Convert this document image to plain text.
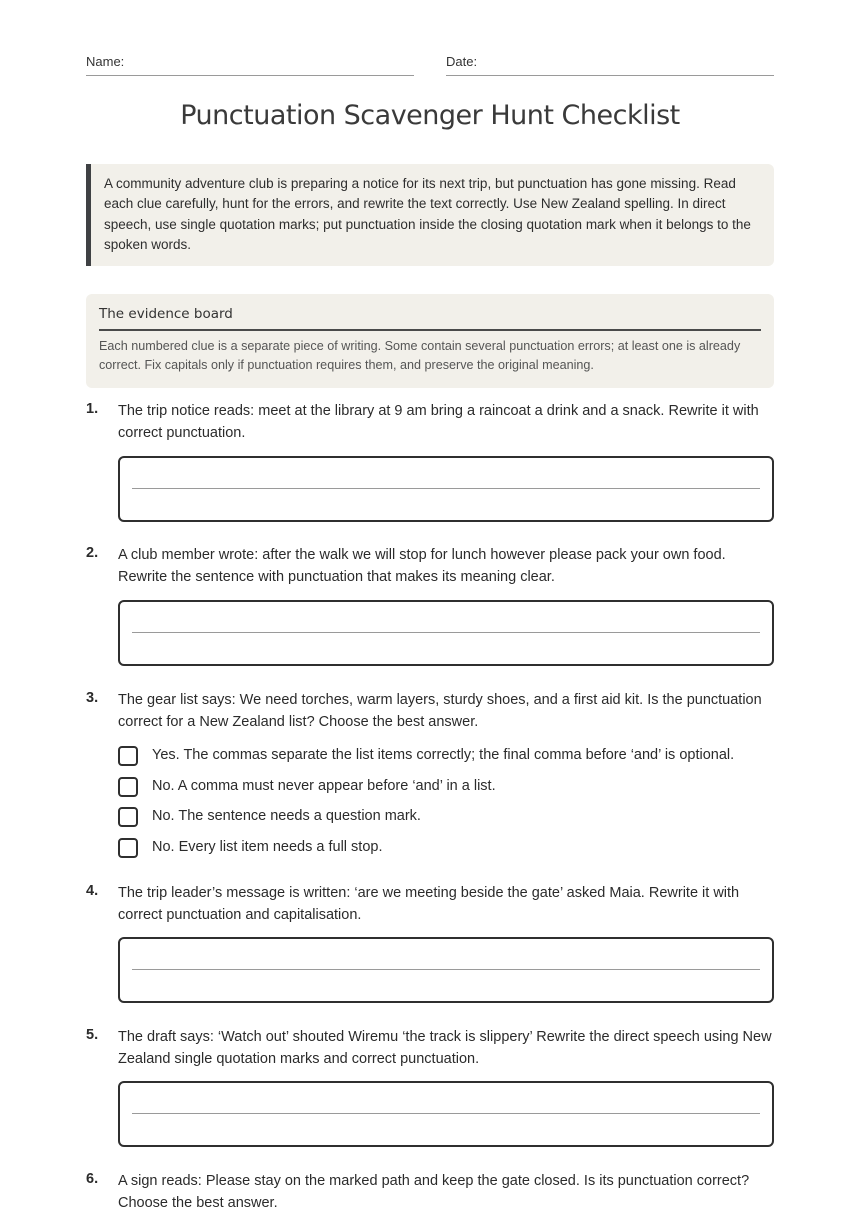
Name:	Date:
Punctuation Scavenger Hunt Checklist
A community adventure club is preparing a notice for its next trip, but punctuation has gone missing. Read each clue carefully, hunt for the errors, and rewrite the text correctly. Use New Zealand spelling. In direct speech, use single quotation marks; put punctuation inside the closing quotation mark when it belongs to the spoken words.
The evidence board
Each numbered clue is a separate piece of writing. Some contain several punctuation errors; at least one is already correct. Fix capitals only if punctuation requires them, and preserve the original meaning.
1. The trip notice reads: meet at the library at 9 am bring a raincoat a drink and a snack. Rewrite it with correct punctuation.
2. A club member wrote: after the walk we will stop for lunch however please pack your own food. Rewrite the sentence with punctuation that makes its meaning clear.
3. The gear list says: We need torches, warm layers, sturdy shoes, and a first aid kit. Is the punctuation correct for a New Zealand list? Choose the best answer.
Yes. The commas separate the list items correctly; the final comma before ‘and’ is optional.
No. A comma must never appear before ‘and’ in a list.
No. The sentence needs a question mark.
No. Every list item needs a full stop.
4. The trip leader’s message is written: ‘are we meeting beside the gate’ asked Maia. Rewrite it with correct punctuation and capitalisation.
5. The draft says: ‘Watch out’ shouted Wiremu ‘the track is slippery’ Rewrite the direct speech using New Zealand single quotation marks and correct punctuation.
6. A sign reads: Please stay on the marked path and keep the gate closed. Is its punctuation correct? Choose the best answer.
